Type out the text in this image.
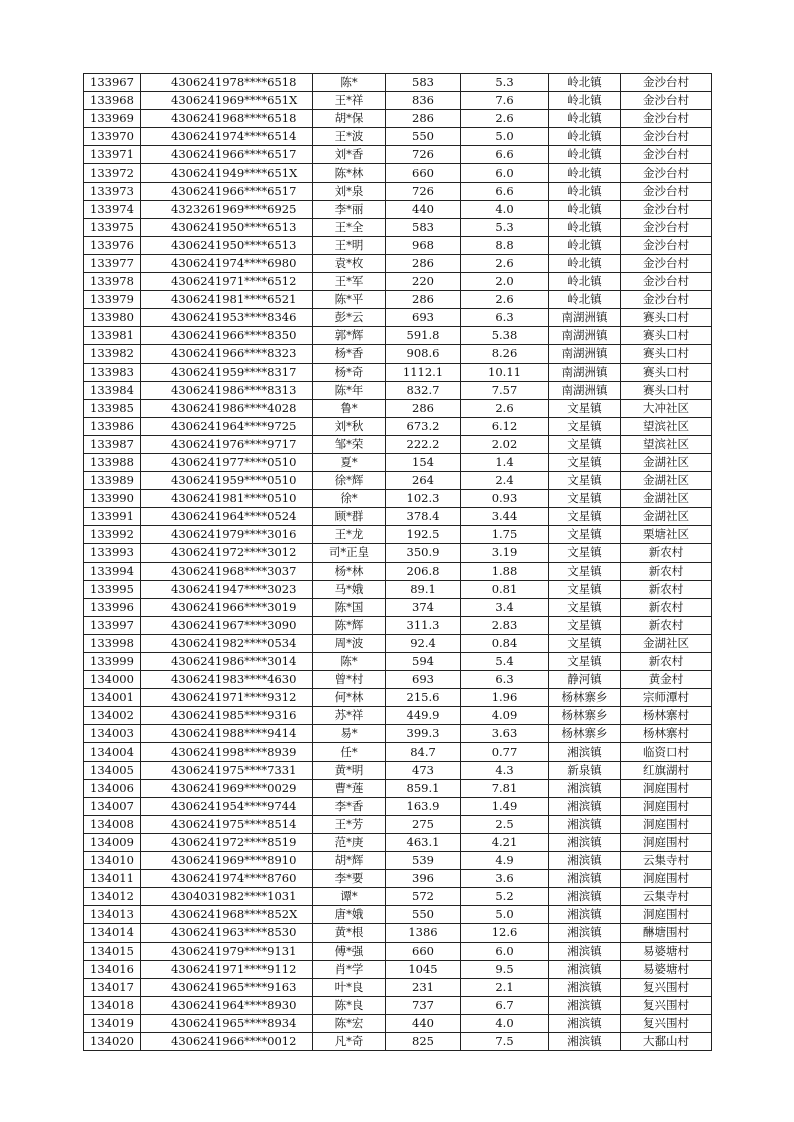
133967	4306241978****6518	陈*	583	5.3	岭北镇	金沙台村
133968	4306241969****651X	王*祥	836	7.6	岭北镇	金沙台村
133969	4306241968****6518	胡*保	286	2.6	岭北镇	金沙台村
133970	4306241974****6514	王*波	550	5.0	岭北镇	金沙台村
133971	4306241966****6517	刘*香	726	6.6	岭北镇	金沙台村
133972	4306241949****651X	陈*林	660	6.0	岭北镇	金沙台村
133973	4306241966****6517	刘*泉	726	6.6	岭北镇	金沙台村
133974	4323261969****6925	李*丽	440	4.0	岭北镇	金沙台村
133975	4306241950****6513	王*全	583	5.3	岭北镇	金沙台村
133976	4306241950****6513	王*明	968	8.8	岭北镇	金沙台村
133977	4306241974****6980	袁*枚	286	2.6	岭北镇	金沙台村
133978	4306241971****6512	王*军	220	2.0	岭北镇	金沙台村
133979	4306241981****6521	陈*平	286	2.6	岭北镇	金沙台村
133980	4306241953****8346	彭*云	693	6.3	南湖洲镇	赛头口村
133981	4306241966****8350	郭*辉	591.8	5.38	南湖洲镇	赛头口村
133982	4306241966****8323	杨*香	908.6	8.26	南湖洲镇	赛头口村
133983	4306241959****8317	杨*奇	1112.1	10.11	南湖洲镇	赛头口村
133984	4306241986****8313	陈*年	832.7	7.57	南湖洲镇	赛头口村
133985	4306241986****4028	鲁*	286	2.6	文星镇	大冲社区
133986	4306241964****9725	刘*秋	673.2	6.12	文星镇	望滨社区
133987	4306241976****9717	邹*荣	222.2	2.02	文星镇	望滨社区
133988	4306241977****0510	夏*	154	1.4	文星镇	金湖社区
133989	4306241959****0510	徐*辉	264	2.4	文星镇	金湖社区
133990	4306241981****0510	徐*	102.3	0.93	文星镇	金湖社区
133991	4306241964****0524	顾*群	378.4	3.44	文星镇	金湖社区
133992	4306241979****3016	王*龙	192.5	1.75	文星镇	栗塘社区
133993	4306241972****3012	司*正皇	350.9	3.19	文星镇	新农村
133994	4306241968****3037	杨*林	206.8	1.88	文星镇	新农村
133995	4306241947****3023	马*娥	89.1	0.81	文星镇	新农村
133996	4306241966****3019	陈*国	374	3.4	文星镇	新农村
133997	4306241967****3090	陈*辉	311.3	2.83	文星镇	新农村
133998	4306241982****0534	周*波	92.4	0.84	文星镇	金湖社区
133999	4306241986****3014	陈*	594	5.4	文星镇	新农村
134000	4306241983****4630	曾*村	693	6.3	静河镇	黄金村
134001	4306241971****9312	何*林	215.6	1.96	杨林寨乡	宗师潭村
134002	4306241985****9316	苏*祥	449.9	4.09	杨林寨乡	杨林寨村
134003	4306241988****9414	易*	399.3	3.63	杨林寨乡	杨林寨村
134004	4306241998****8939	任*	84.7	0.77	湘滨镇	临资口村
134005	4306241975****7331	黄*明	473	4.3	新泉镇	红旗湖村
134006	4306241969****0029	曹*莲	859.1	7.81	湘滨镇	洞庭围村
134007	4306241954****9744	李*香	163.9	1.49	湘滨镇	洞庭围村
134008	4306241975****8514	王*芳	275	2.5	湘滨镇	洞庭围村
134009	4306241972****8519	范*庚	463.1	4.21	湘滨镇	洞庭围村
134010	4306241969****8910	胡*辉	539	4.9	湘滨镇	云集寺村
134011	4306241974****8760	李*要	396	3.6	湘滨镇	洞庭围村
134012	4304031982****1031	谭*	572	5.2	湘滨镇	云集寺村
134013	4306241968****852X	唐*娥	550	5.0	湘滨镇	洞庭围村
134014	4306241963****8530	黄*根	1386	12.6	湘滨镇	醂塘围村
134015	4306241979****9131	傅*强	660	6.0	湘滨镇	易婆塘村
134016	4306241971****9112	肖*学	1045	9.5	湘滨镇	易婆塘村
134017	4306241965****9163	叶*良	231	2.1	湘滨镇	复兴围村
134018	4306241964****8930	陈*良	737	6.7	湘滨镇	复兴围村
134019	4306241965****8934	陈*宏	440	4.0	湘滨镇	复兴围村
134020	4306241966****0012	凡*奇	825	7.5	湘滨镇	大鄱山村
